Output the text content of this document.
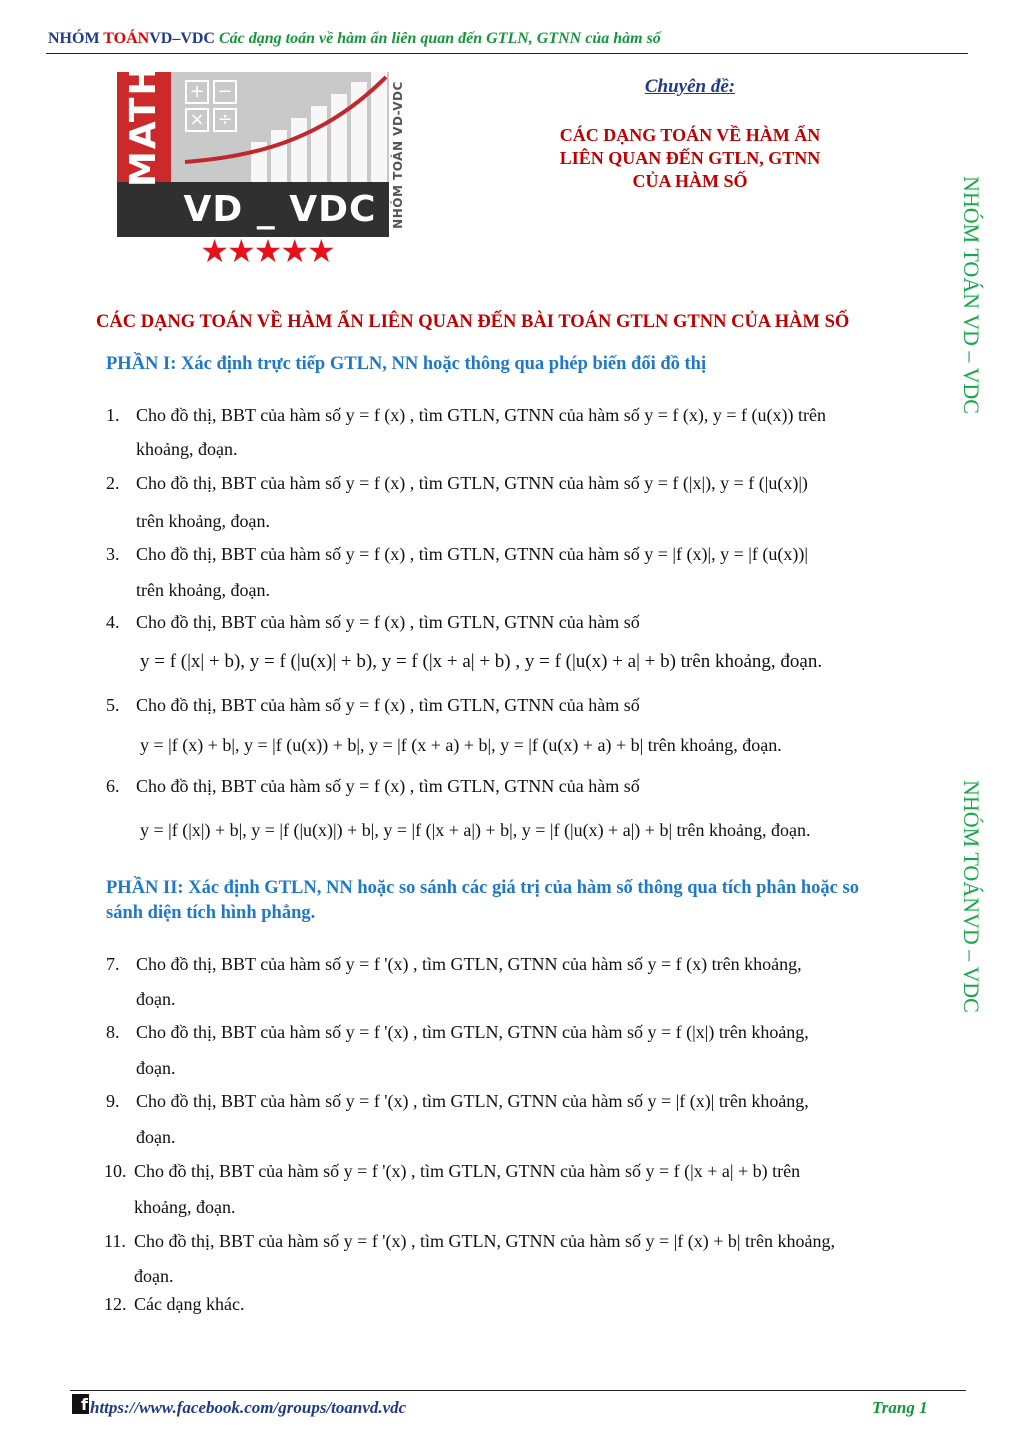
NHÓM TOÁNVD–VDC Các dạng toán về hàm ẩn liên quan đến GTLN, GTNN của hàm số
MATH + −
× ÷
VD _ VDC	NHÓM TOÁN VD-VDC
★★★★★
Chuyên đề:
CÁC DẠNG TOÁN VỀ HÀM ẨN
LIÊN QUAN ĐẾN GTLN, GTNN
CỦA HÀM SỐ	NHÓM TOÁN VD – VDC
NHÓM TOÁNVD – VDC
CÁC DẠNG TOÁN VỀ HÀM ẨN LIÊN QUAN ĐẾN BÀI TOÁN GTLN GTNN CỦA HÀM SỐ
PHẦN I: Xác định trực tiếp GTLN, NN hoặc thông qua phép biến đổi đồ thị
1. Cho đồ thị, BBT của hàm số y = f (x) , tìm GTLN, GTNN của hàm số y = f (x), y = f (u(x)) trên
khoảng, đoạn.
2. Cho đồ thị, BBT của hàm số y = f (x) , tìm GTLN, GTNN của hàm số y = f (|x|), y = f (|u(x)|)
trên khoảng, đoạn.
3. Cho đồ thị, BBT của hàm số y = f (x) , tìm GTLN, GTNN của hàm số y = |f (x)|, y = |f (u(x))|
trên khoảng, đoạn.
4. Cho đồ thị, BBT của hàm số y = f (x) , tìm GTLN, GTNN của hàm số
y = f (|x| + b), y = f (|u(x)| + b), y = f (|x + a| + b) , y = f (|u(x) + a| + b) trên khoảng, đoạn.
5. Cho đồ thị, BBT của hàm số y = f (x) , tìm GTLN, GTNN của hàm số
y = |f (x) + b|, y = |f (u(x)) + b|, y = |f (x + a) + b|, y = |f (u(x) + a) + b| trên khoảng, đoạn.
6. Cho đồ thị, BBT của hàm số y = f (x) , tìm GTLN, GTNN của hàm số
y = |f (|x|) + b|, y = |f (|u(x)|) + b|, y = |f (|x + a|) + b|, y = |f (|u(x) + a|) + b| trên khoảng, đoạn.
PHẦN II: Xác định GTLN, NN hoặc so sánh các giá trị của hàm số thông qua tích phân hoặc so
sánh diện tích hình phẳng.
7. Cho đồ thị, BBT của hàm số y = f '(x) , tìm GTLN, GTNN của hàm số y = f (x) trên khoảng,
đoạn.
8. Cho đồ thị, BBT của hàm số y = f '(x) , tìm GTLN, GTNN của hàm số y = f (|x|) trên khoảng,
đoạn.
9. Cho đồ thị, BBT của hàm số y = f '(x) , tìm GTLN, GTNN của hàm số y = |f (x)| trên khoảng,
đoạn.
10. Cho đồ thị, BBT của hàm số y = f '(x) , tìm GTLN, GTNN của hàm số y = f (|x + a| + b) trên
khoảng, đoạn.
11. Cho đồ thị, BBT của hàm số y = f '(x) , tìm GTLN, GTNN của hàm số y = |f (x) + b| trên khoảng,
đoạn.
12. Các dạng khác.
f https://www.facebook.com/groups/toanvd.vdc	Trang 1
